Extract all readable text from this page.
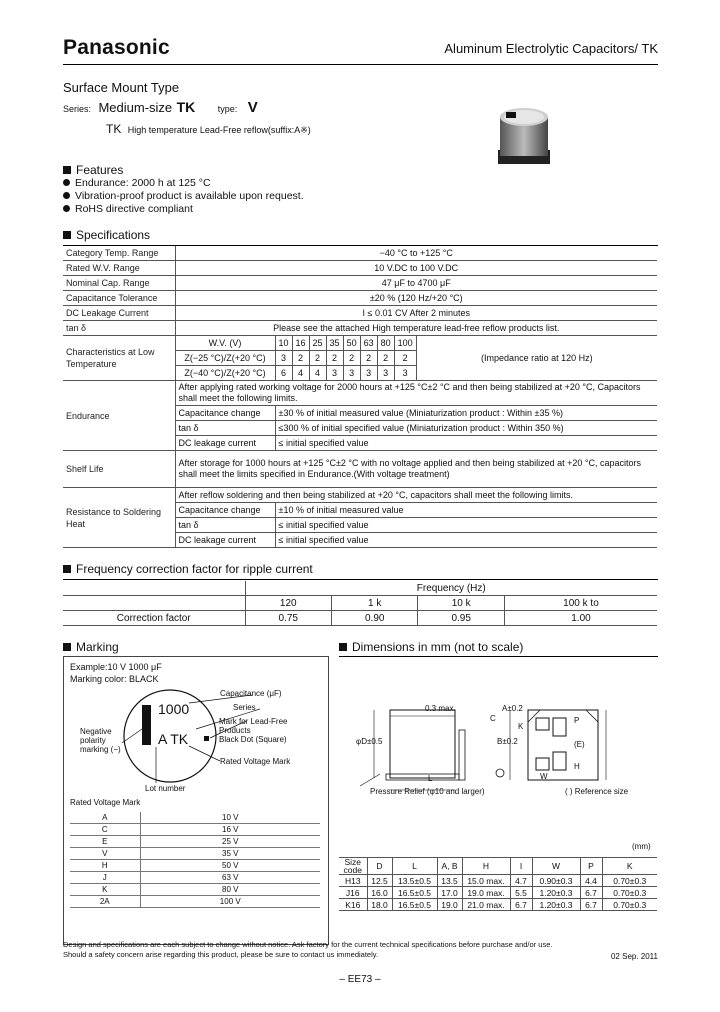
Panasonic	Aluminum Electrolytic Capacitors/ TK
Surface Mount Type
Series: Medium-size TK type: V
TK High temperature Lead-Free reflow(suffix:A※)
Features
Endurance: 2000 h at 125 °C
Vibration-proof product is available upon request.
RoHS directive compliant
Specifications
Category Temp. Range	−40 °C to +125 °C									
Rated W.V. Range	10 V.DC to 100 V.DC									
Nominal Cap. Range	47 μF to 4700 μF									
Capacitance Tolerance	±20 % (120 Hz/+20 °C)									
DC Leakage Current	I ≤ 0.01 CV After 2 minutes									
tan δ	Please see the attached High temperature lead-free reflow products list.									
Characteristics at Low Temperature	W.V. (V)	10	16	25	35	50	63	80	100	(Impedance ratio at 120 Hz)
	Z(−25 °C)/Z(+20 °C)	3	2	2	2	2	2	2	2	
	Z(−40 °C)/Z(+20 °C)	6	4	4	3	3	3	3	3	
Endurance	After applying rated working voltage for 2000 hours at +125 °C±2 °C and then being stabilized at +20 °C, Capacitors shall meet the following limits.									
	Capacitance change	±30 % of initial measured value (Miniaturization product : Within ±35 %)								
	tan δ	≤300 % of initial specified value (Miniaturization product : Within 350 %)								
	DC leakage current	≤ initial specified value								
Shelf Life	After storage for 1000 hours at +125 °C±2 °C with no voltage applied and then being stabilized at +20 °C, capacitors shall meet the limits specified in Endurance.(With voltage treatment)									
Resistance to Soldering Heat	After reflow soldering and then being stabilized at +20 °C, capacitors shall meet the following limits.									
	Capacitance change	±10 % of initial measured value								
	tan δ	≤ initial specified value								
	DC leakage current	≤ initial specified value								
Frequency correction factor for ripple current
	Frequency (Hz)			
	120	1 k	10 k	100 k to
Correction factor	0.75	0.90	0.95	1.00
Marking
Example:10 V 1000 μF
Marking color: BLACK
1000
A TK
Capacitance (μF)
Series
Mark for Lead-Free
Products
Black Dot (Square)
Rated Voltage Mark
Negative
polarity
marking (−)
Lot number
Rated Voltage Mark
A	10 V
C	16 V
E	25 V
V	35 V
H	50 V
J	63 V
K	80 V
2A	100 V
Dimensions in mm (not to scale)
0.3 max.
φD±0.5
L
A±0.2
B±0.2
C
W
P
(E)
H
K
Pressure Relief (φ10 and larger)	( ) Reference size
(mm)
Size code	D	L	A, B	H	I	W	P	K
H13	12.5	13.5±0.5	13.5	15.0 max.	4.7	0.90±0.3	4.4	0.70±0.3
J16	16.0	16.5±0.5	17.0	19.0 max.	5.5	1.20±0.3	6.7	0.70±0.3
K16	18.0	16.5±0.5	19.0	21.0 max.	6.7	1.20±0.3	6.7	0.70±0.3
Design and specifications are each subject to change without notice. Ask factory for the current technical specifications before purchase and/or use.
Should a safety concern arise regarding this product, please be sure to contact us immediately.	02 Sep. 2011
– EE73 –
